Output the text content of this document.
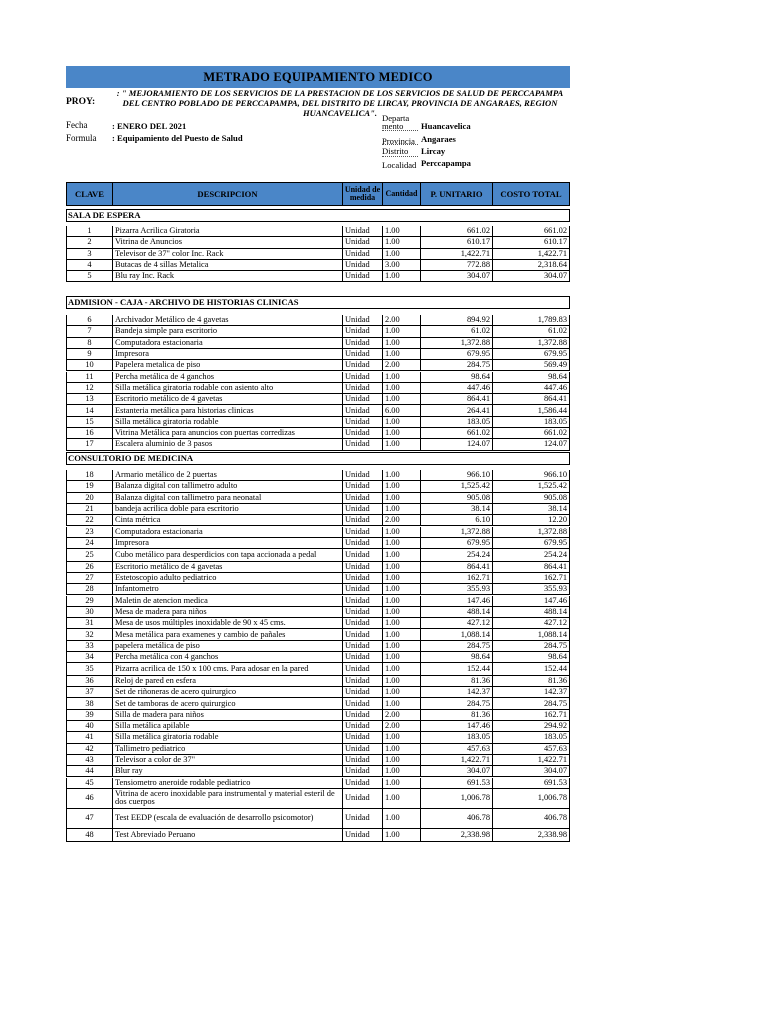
METRADO EQUIPAMIENTO MEDICO
PROY:
: " MEJORAMIENTO DE LOS SERVICIOS DE LA PRESTACION DE LOS SERVICIOS DE SALUD DE PERCCAPAMPA DEL CENTRO POBLADO DE PERCCAPAMPA, DEL DISTRITO DE LIRCAY, PROVINCIA DE ANGARAES, REGION HUANCAVELICA".
Fecha	: ENERO DEL 2021
Formula : Equipamiento del Puesto de Salud
Departa mento	Huancavelica
Provincia Angaraes
Distrito	Lircay
Localidad Perccapampa
CLAVE	DESCRIPCION	Unidad de medida	Cantidad	P. UNITARIO	COSTO TOTAL
SALA DE ESPERA
1	Pizarra Acrilica Giratoria	Unidad	1.00	661.02	661.02
2	Vitrina de Anuncios	Unidad	1.00	610.17	610.17
3	Televisor de 37" color Inc. Rack	Unidad	1.00	1,422.71	1,422.71
4	Butacas de 4 sillas Metalica	Unidad	3.00	772.88	2,318.64
5	Blu ray Inc. Rack	Unidad	1.00	304.07	304.07
ADMISION - CAJA - ARCHIVO DE HISTORIAS CLINICAS
6	Archivador Metálico de 4 gavetas	Unidad	2.00	894.92	1,789.83
7	Bandeja simple para escritorio	Unidad	1.00	61.02	61.02
8	Computadora estacionaria	Unidad	1.00	1,372.88	1,372.88
9	Impresora	Unidad	1.00	679.95	679.95
10	Papelera metalica de piso	Unidad	2.00	284.75	569.49
11	Percha metálica de 4 ganchos	Unidad	1.00	98.64	98.64
12	Silla metálica giratoria rodable con asiento alto	Unidad	1.00	447.46	447.46
13	Escritorio metálico de 4 gavetas	Unidad	1.00	864.41	864.41
14	Estanteria metálica para historias clinicas	Unidad	6.00	264.41	1,586.44
15	Silla metálica giratoria rodable	Unidad	1.00	183.05	183.05
16	Vitrina Metálica para anuncios con puertas corredizas	Unidad	1.00	661.02	661.02
17	Escalera aluminio de 3 pasos	Unidad	1.00	124.07	124.07
CONSULTORIO DE MEDICINA
18	Armario metálico de 2 puertas	Unidad	1.00	966.10	966.10
19	Balanza digital con tallimetro adulto	Unidad	1.00	1,525.42	1,525.42
20	Balanza digital con tallimetro para neonatal	Unidad	1.00	905.08	905.08
21	bandeja acrilica doble para escritorio	Unidad	1.00	38.14	38.14
22	Cinta métrica	Unidad	2.00	6.10	12.20
23	Computadora estacionaria	Unidad	1.00	1,372.88	1,372.88
24	Impresora	Unidad	1.00	679.95	679.95
25	Cubo metálico para desperdicios con tapa accionada a pedal	Unidad	1.00	254.24	254.24
26	Escritorio metálico de 4 gavetas	Unidad	1.00	864.41	864.41
27	Estetoscopio adulto pediatrico	Unidad	1.00	162.71	162.71
28	Infantometro	Unidad	1.00	355.93	355.93
29	Maletin de atencion medica	Unidad	1.00	147.46	147.46
30	Mesa de madera para niños	Unidad	1.00	488.14	488.14
31	Mesa de usos múltiples inoxidable de 90 x 45 cms.	Unidad	1.00	427.12	427.12
32	Mesa metálica para examenes y cambio de pañales	Unidad	1.00	1,088.14	1,088.14
33	papelera metálica de piso	Unidad	1.00	284.75	284.75
34	Percha metálica con 4 ganchos	Unidad	1.00	98.64	98.64
35	Pizarra acrilica de 150 x 100 cms. Para adosar en la pared	Unidad	1.00	152.44	152.44
36	Reloj de pared en esfera	Unidad	1.00	81.36	81.36
37	Set de riñoneras de acero quirurgico	Unidad	1.00	142.37	142.37
38	Set de tamboras de acero quirurgico	Unidad	1.00	284.75	284.75
39	Silla de madera para niños	Unidad	2.00	81.36	162.71
40	Silla metálica apilable	Unidad	2.00	147.46	294.92
41	Silla metálica giratoria rodable	Unidad	1.00	183.05	183.05
42	Tallimetro pediatrico	Unidad	1.00	457.63	457.63
43	Televisor a color de 37"	Unidad	1.00	1,422.71	1,422.71
44	Blur ray	Unidad	1.00	304.07	304.07
45	Tensiometro aneroide rodable pediatrico	Unidad	1.00	691.53	691.53
46	Vitrina de acero inoxidable para instrumental y material esteril de dos cuerpos	Unidad	1.00	1,006.78	1,006.78
47	Test EEDP (escala de evaluación de desarrollo psicomotor)	Unidad	1.00	406.78	406.78
48	Test Abreviado Peruano	Unidad	1.00	2,338.98	2,338.98
